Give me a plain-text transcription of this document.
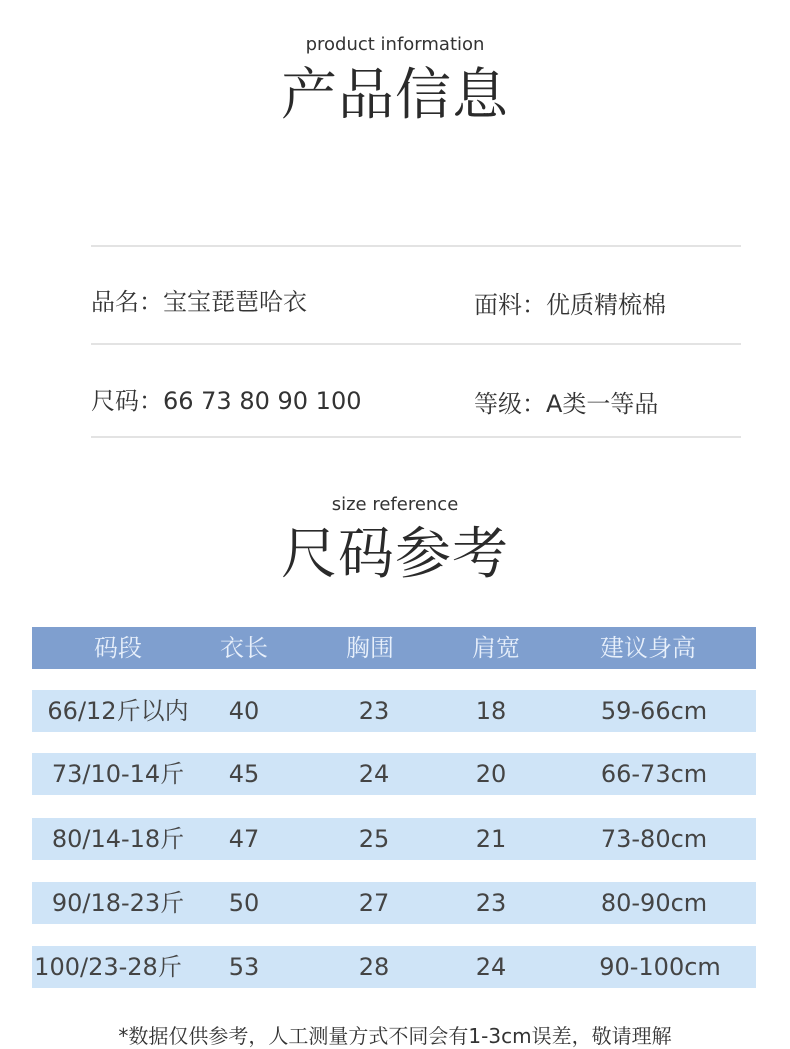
product information
产品信息
品名：宝宝琵琶哈衣	面料：优质精梳棉
尺码：66 73 80 90 100	等级：A类一等品
size reference
尺码参考
码段	衣长	胸围	肩宽	建议身高
66/12斤以内 40	23	18	59-66cm
73/10-14斤 45	24	20	66-73cm
80/14-18斤 47	25	21	73-80cm
90/18-23斤 50	27	23	80-90cm
100/23-28斤 53	28	24	90-100cm
*数据仅供参考，人工测量方式不同会有1-3cm误差，敬请理解
